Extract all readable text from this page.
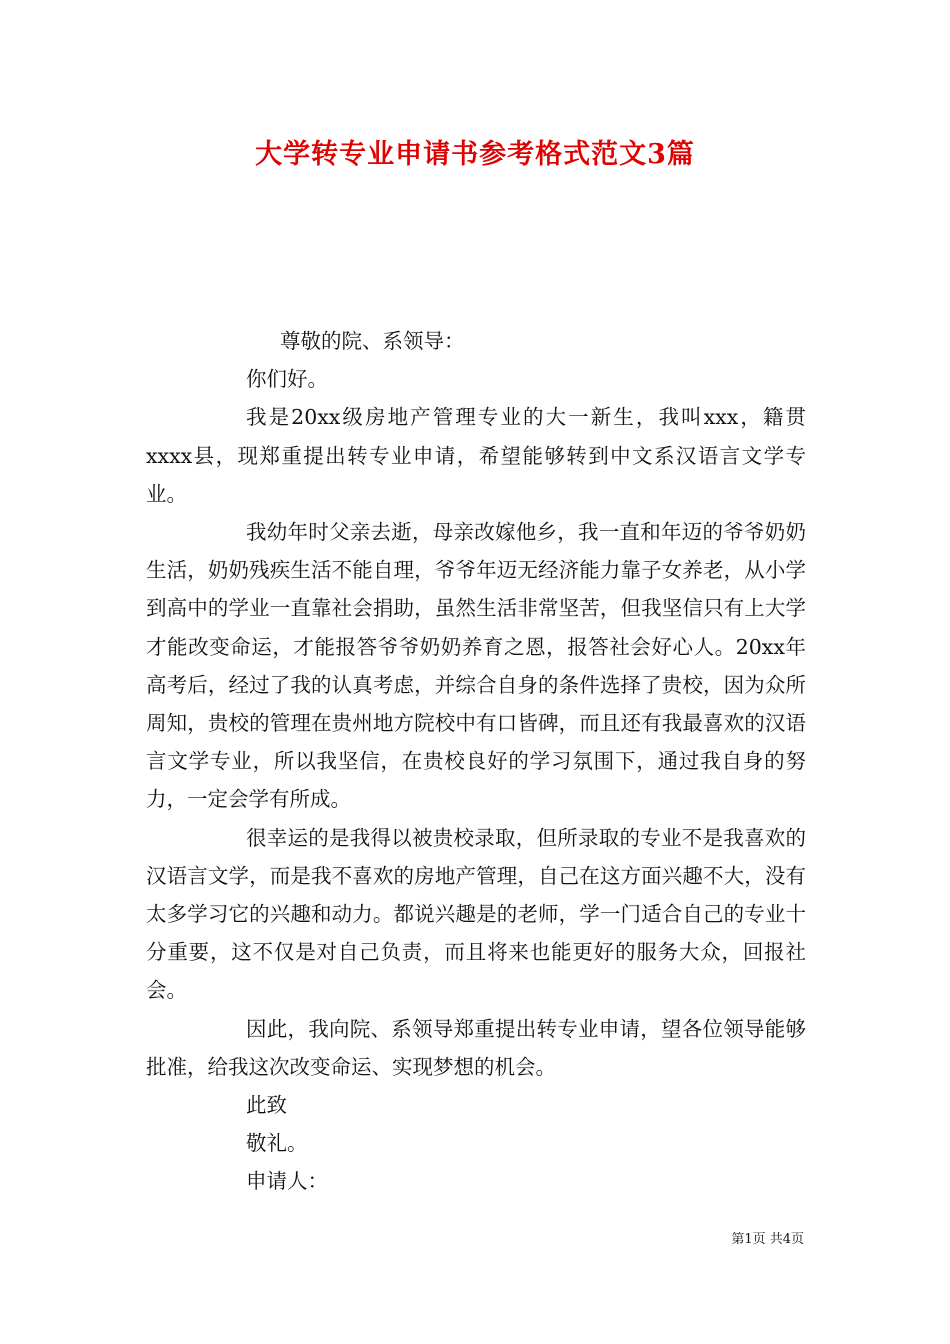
大学转专业申请书参考格式范文3篇
尊敬的院、系领导：
你们好。

我是20xx级房地产管理专业的大一新生，我叫xxx，籍贯xxxx县，现郑重提出转专业申请，希望能够转到中文系汉语言文学专业。

我幼年时父亲去逝，母亲改嫁他乡，我一直和年迈的爷爷奶奶生活，奶奶残疾生活不能自理，爷爷年迈无经济能力靠子女养老，从小学到高中的学业一直靠社会捐助，虽然生活非常坚苦，但我坚信只有上大学才能改变命运，才能报答爷爷奶奶养育之恩，报答社会好心人。20xx年高考后，经过了我的认真考虑，并综合自身的条件选择了贵校，因为众所周知，贵校的管理在贵州地方院校中有口皆碑，而且还有我最喜欢的汉语言文学专业，所以我坚信，在贵校良好的学习氛围下，通过我自身的努力，一定会学有所成。

很幸运的是我得以被贵校录取，但所录取的专业不是我喜欢的汉语言文学，而是我不喜欢的房地产管理，自己在这方面兴趣不大，没有太多学习它的兴趣和动力。都说兴趣是的老师，学一门适合自己的专业十分重要，这不仅是对自己负责，而且将来也能更好的服务大众，回报社会。

因此，我向院、系领导郑重提出转专业申请，望各位领导能够批准，给我这次改变命运、实现梦想的机会。

此致
敬礼。
申请人：
第1页 共4页
